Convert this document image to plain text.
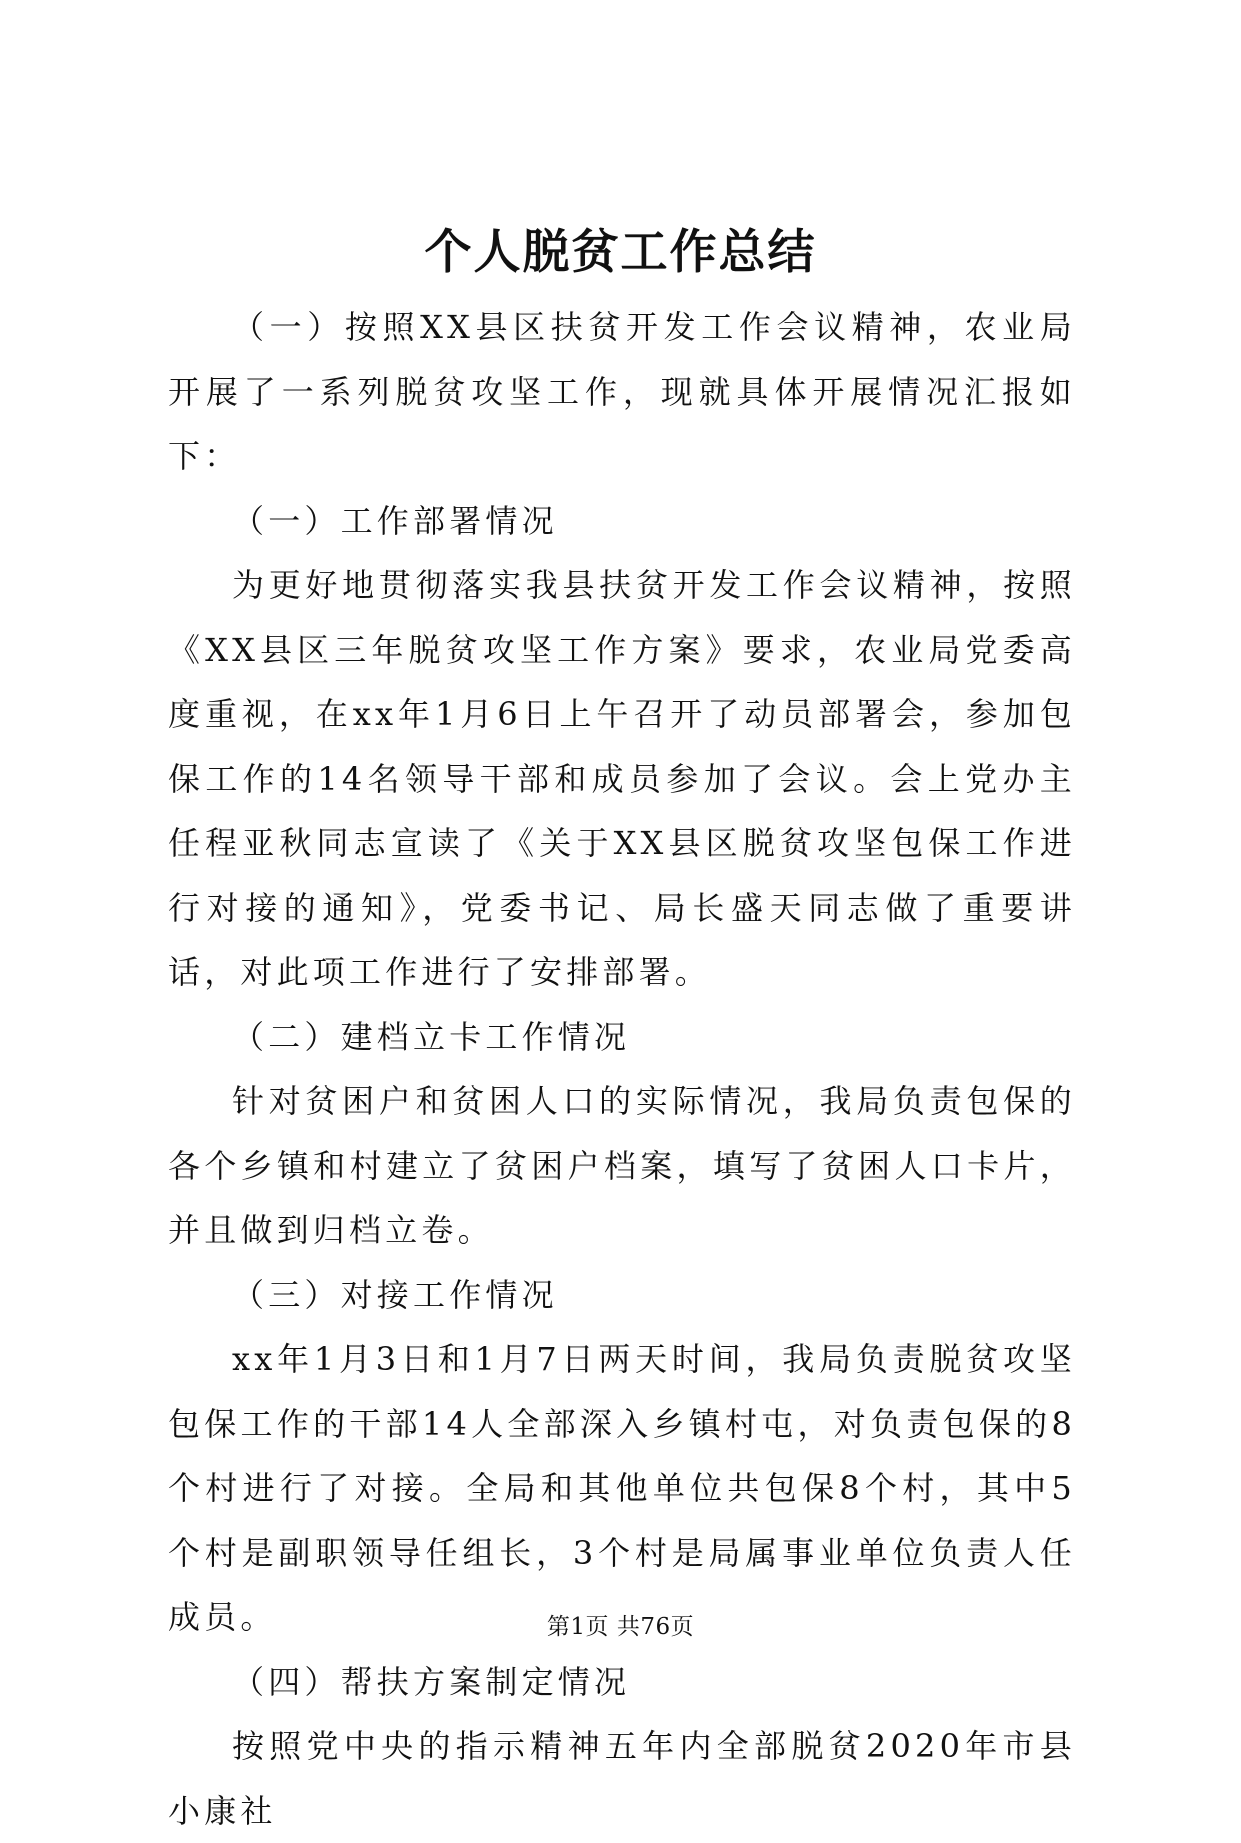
个人脱贫工作总结

（一）按照XX县区扶贫开发工作会议精神，农业局开展了一系列脱贫攻坚工作，现就具体开展情况汇报如下：

（一）工作部署情况

为更好地贯彻落实我县扶贫开发工作会议精神，按照《XX县区三年脱贫攻坚工作方案》要求，农业局党委高度重视，在xx年1月6日上午召开了动员部署会，参加包保工作的14名领导干部和成员参加了会议。会上党办主任程亚秋同志宣读了《关于XX县区脱贫攻坚包保工作进行对接的通知》，党委书记、局长盛天同志做了重要讲话，对此项工作进行了安排部署。

（二）建档立卡工作情况

针对贫困户和贫困人口的实际情况，我局负责包保的各个乡镇和村建立了贫困户档案，填写了贫困人口卡片，并且做到归档立卷。

（三）对接工作情况

xx年1月3日和1月7日两天时间，我局负责脱贫攻坚包保工作的干部14人全部深入乡镇村屯，对负责包保的8个村进行了对接。全局和其他单位共包保8个村，其中5个村是副职领导任组长，3个村是局属事业单位负责人任成员。

（四）帮扶方案制定情况

按照党中央的指示精神五年内全部脱贫2020年市县小康社

第1页 共76页
